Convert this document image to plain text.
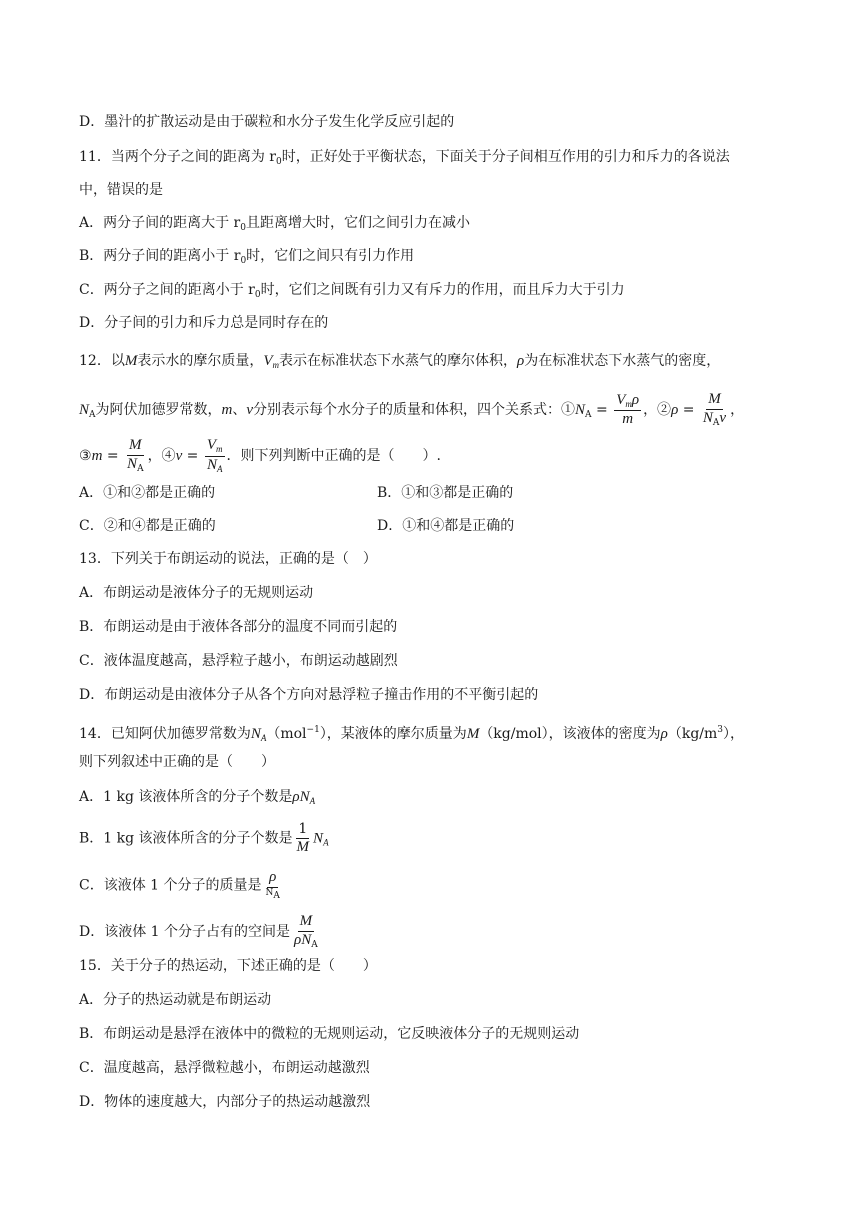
D．墨汁的扩散运动是由于碳粒和水分子发生化学反应引起的
11．当两个分子之间的距离为 $r_0$时，正好处于平衡状态，下面关于分子间相互作用的引力和斥力的各说法
中，错误的是
A．两分子间的距离大于 $r_0$且距离增大时，它们之间引力在减小
B．两分子间的距离小于 $r_0$时，它们之间只有引力作用
C．两分子之间的距离小于 $r_0$时，它们之间既有引力又有斥力的作用，而且斥力大于引力
D．分子间的引力和斥力总是同时存在的
12．以M表示水的摩尔质量，$V_m$表示在标准状态下水蒸气的摩尔体积，ρ为在标准状态下水蒸气的密度，
$N_A$为阿伏加德罗常数，m、v分别表示每个水分子的质量和体积，四个关系式：$①N_A = \frac{V_m\rho}{m}$ ，②ρ = $\frac{M}{N_Av}$ ，
③m = $\frac{M}{N_A}$ ，④v = $\frac{V_m}{N_A}$ ．则下列判断中正确的是（　　）.
A．①和②都是正确的	B．①和③都是正确的
C．②和④都是正确的	D．①和④都是正确的
13．下列关于布朗运动的说法，正确的是（　）
A．布朗运动是液体分子的无规则运动
B．布朗运动是由于液体各部分的温度不同而引起的
C．液体温度越高，悬浮粒子越小，布朗运动越剧烈
D．布朗运动是由液体分子从各个方向对悬浮粒子撞击作用的不平衡引起的
14．已知阿伏加德罗常数为$N_A(mol^{-1})$，某液体的摩尔质量为M（kg/mol），该液体的密度为$\rho(kg/m^3)$，
则下列叙述中正确的是（　　）
A．1 kg 该液体所含的分子个数是$\rho N_A$
B．1 kg 该液体所含的分子个数是 $\frac{1}{M} N_A$
C．该液体 1 个分子的质量是 $\frac{\rho}{NA}$
D．该液体 1 个分子占有的空间是 $\frac{M}{\rho N_A}$
15．关于分子的热运动，下述正确的是（　　）
A．分子的热运动就是布朗运动
B．布朗运动是悬浮在液体中的微粒的无规则运动，它反映液体分子的无规则运动
C．温度越高，悬浮微粒越小，布朗运动越激烈
D．物体的速度越大，内部分子的热运动越激烈
